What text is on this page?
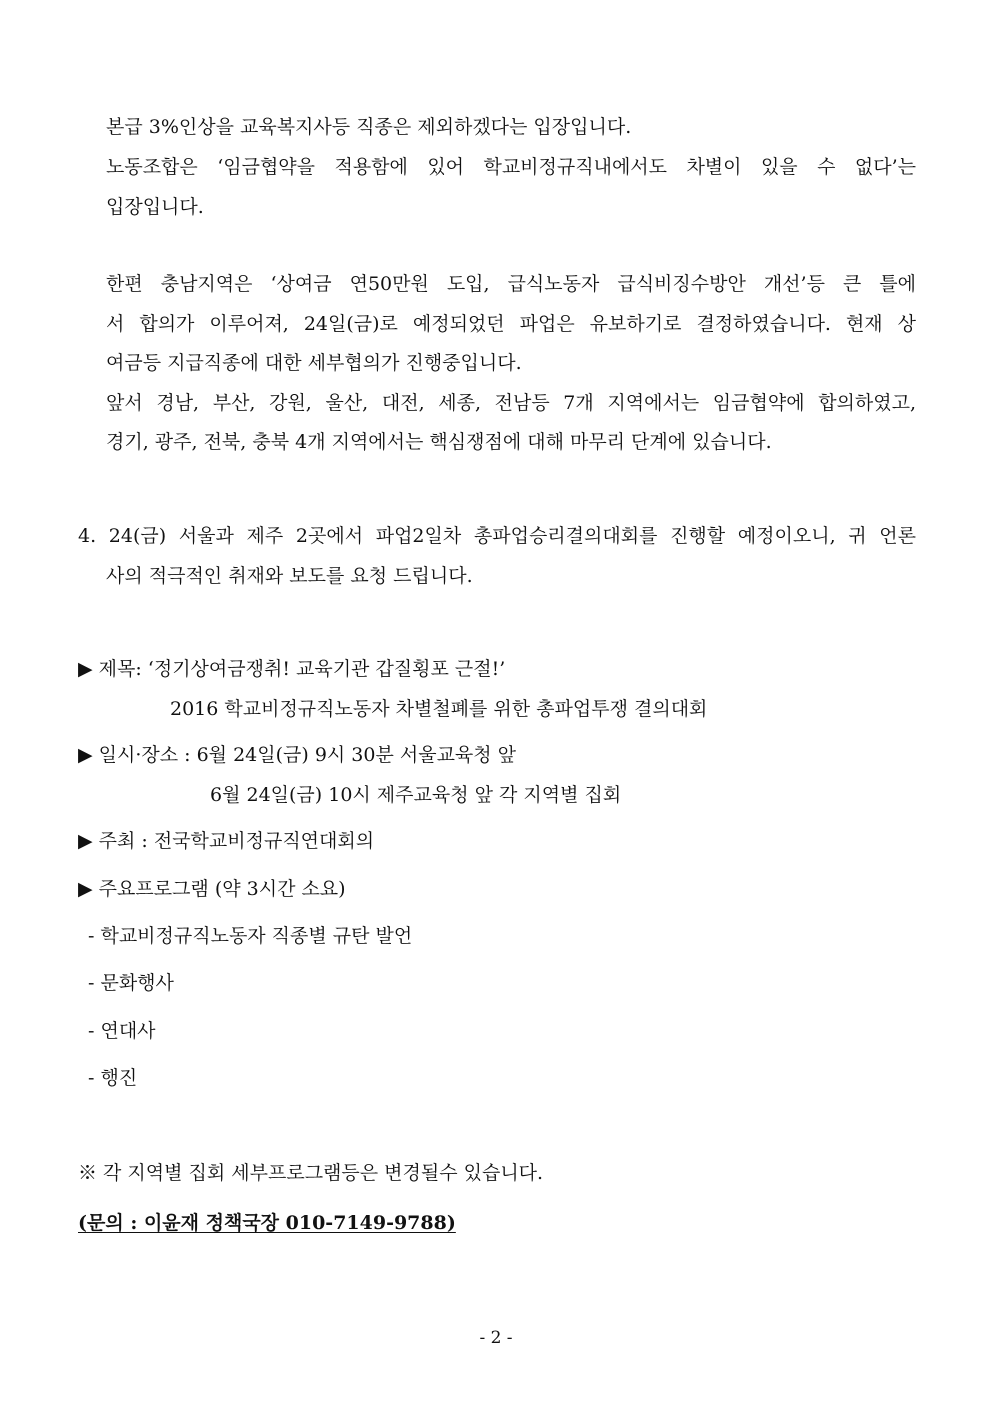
본급 3%인상을 교육복지사등 직종은 제외하겠다는 입장입니다.
노동조합은 ‘임금협약을 적용함에 있어 학교비정규직내에서도 차별이 있을 수 없다’는
입장입니다.
한편 충남지역은 ‘상여금 연50만원 도입, 급식노동자 급식비징수방안 개선’등 큰 틀에
서 합의가 이루어져, 24일(금)로 예정되었던 파업은 유보하기로 결정하였습니다. 현재 상
여금등 지급직종에 대한 세부협의가 진행중입니다.
앞서 경남, 부산, 강원, 울산, 대전, 세종, 전남등 7개 지역에서는 임금협약에 합의하였고,
경기, 광주, 전북, 충북 4개 지역에서는 핵심쟁점에 대해 마무리 단계에 있습니다.
4. 24(금) 서울과 제주 2곳에서 파업2일차 총파업승리결의대회를 진행할 예정이오니, 귀 언론
사의 적극적인 취재와 보도를 요청 드립니다.
▶ 제목: ‘정기상여금쟁취! 교육기관 갑질횡포 근절!’
2016 학교비정규직노동자 차별철폐를 위한 총파업투쟁 결의대회
▶ 일시·장소 : 6월 24일(금) 9시 30분 서울교육청 앞
6월 24일(금) 10시 제주교육청 앞 각 지역별 집회
▶ 주최 : 전국학교비정규직연대회의
▶ 주요프로그램 (약 3시간 소요)
- 학교비정규직노동자 직종별 규탄 발언
- 문화행사
- 연대사
- 행진
※ 각 지역별 집회 세부프로그램등은 변경될수 있습니다.
(문의 : 이윤재 정책국장 010-7149-9788)
- 2 -
